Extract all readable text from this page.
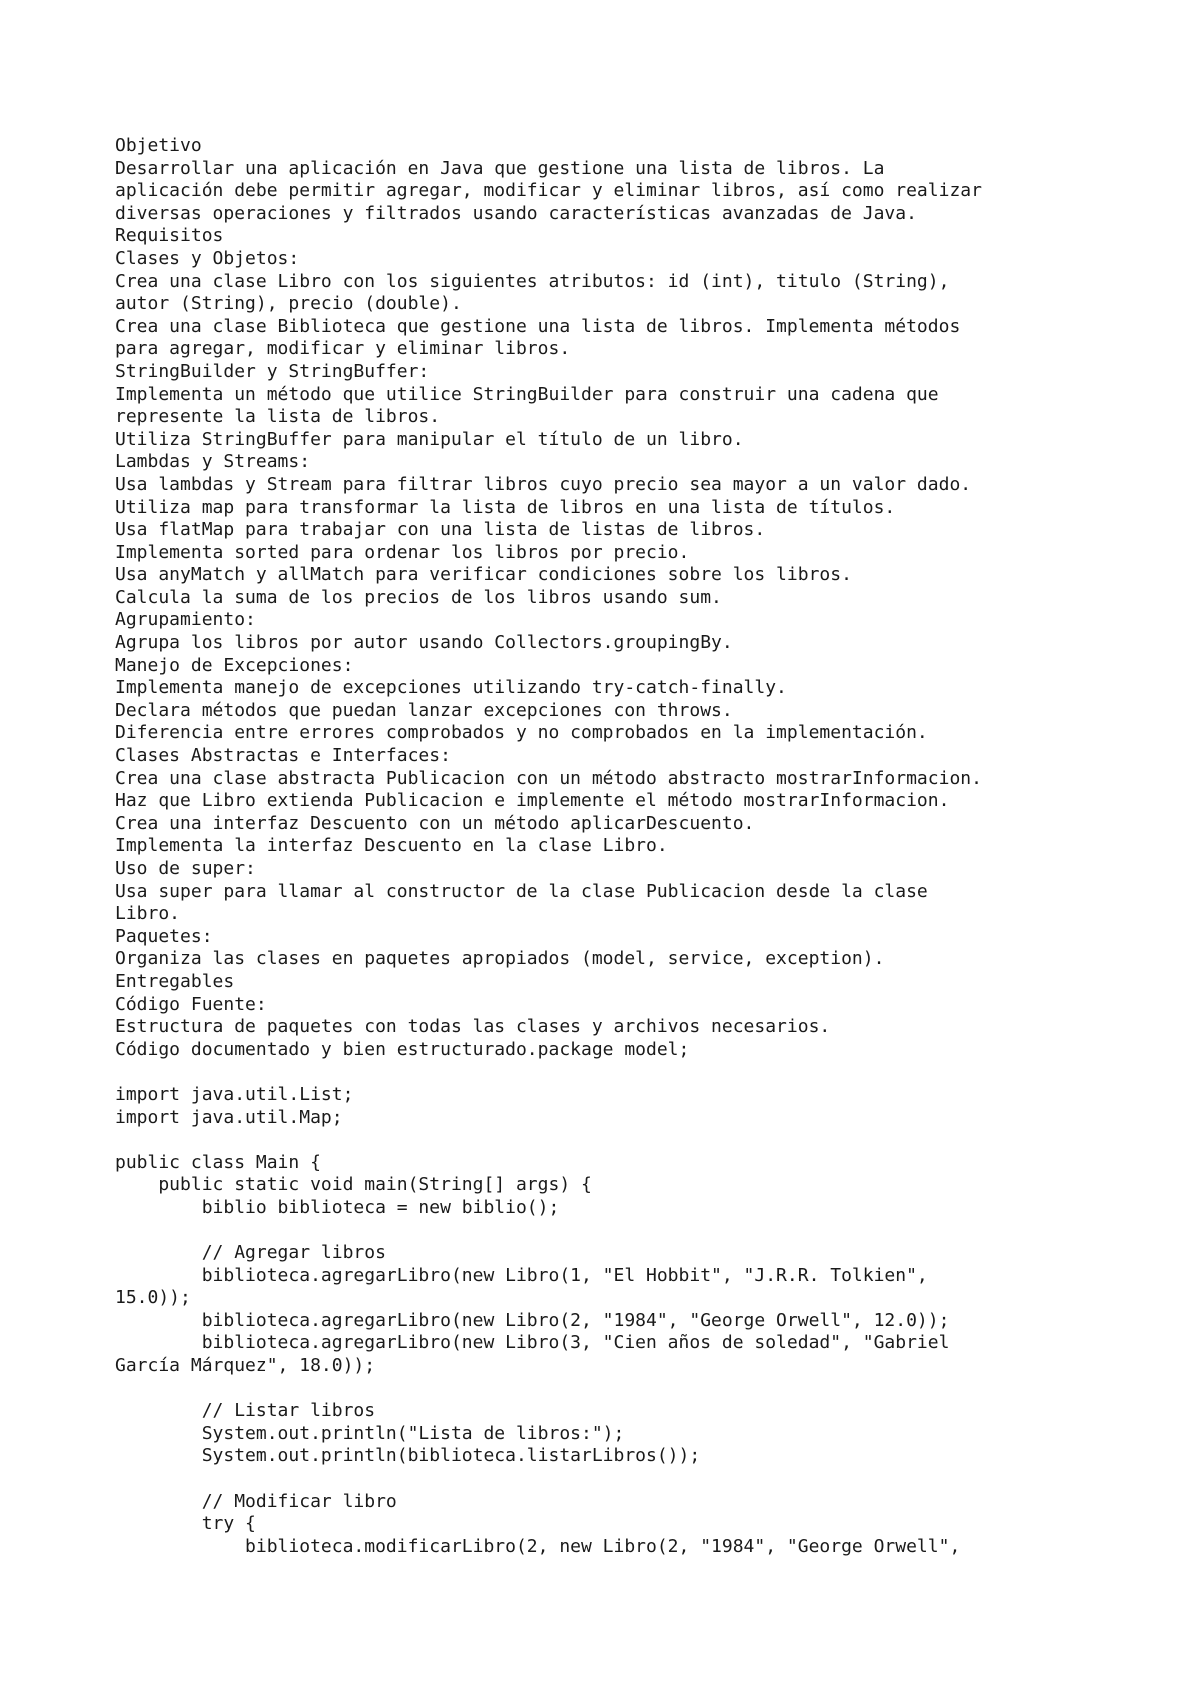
Objetivo
Desarrollar una aplicación en Java que gestione una lista de libros. La
aplicación debe permitir agregar, modificar y eliminar libros, así como realizar
diversas operaciones y filtrados usando características avanzadas de Java.
Requisitos
Clases y Objetos:
Crea una clase Libro con los siguientes atributos: id (int), titulo (String),
autor (String), precio (double).
Crea una clase Biblioteca que gestione una lista de libros. Implementa métodos
para agregar, modificar y eliminar libros.
StringBuilder y StringBuffer:
Implementa un método que utilice StringBuilder para construir una cadena que
represente la lista de libros.
Utiliza StringBuffer para manipular el título de un libro.
Lambdas y Streams:
Usa lambdas y Stream para filtrar libros cuyo precio sea mayor a un valor dado.
Utiliza map para transformar la lista de libros en una lista de títulos.
Usa flatMap para trabajar con una lista de listas de libros.
Implementa sorted para ordenar los libros por precio.
Usa anyMatch y allMatch para verificar condiciones sobre los libros.
Calcula la suma de los precios de los libros usando sum.
Agrupamiento:
Agrupa los libros por autor usando Collectors.groupingBy.
Manejo de Excepciones:
Implementa manejo de excepciones utilizando try-catch-finally.
Declara métodos que puedan lanzar excepciones con throws.
Diferencia entre errores comprobados y no comprobados en la implementación.
Clases Abstractas e Interfaces:
Crea una clase abstracta Publicacion con un método abstracto mostrarInformacion.
Haz que Libro extienda Publicacion e implemente el método mostrarInformacion.
Crea una interfaz Descuento con un método aplicarDescuento.
Implementa la interfaz Descuento en la clase Libro.
Uso de super:
Usa super para llamar al constructor de la clase Publicacion desde la clase
Libro.
Paquetes:
Organiza las clases en paquetes apropiados (model, service, exception).
Entregables
Código Fuente:
Estructura de paquetes con todas las clases y archivos necesarios.
Código documentado y bien estructurado.package model;
import java.util.List;
import java.util.Map;
public class Main {
public static void main(String[] args) {
biblio biblioteca = new biblio();
// Agregar libros
biblioteca.agregarLibro(new Libro(1, "El Hobbit", "J.R.R. Tolkien",
15.0));
biblioteca.agregarLibro(new Libro(2, "1984", "George Orwell", 12.0));
biblioteca.agregarLibro(new Libro(3, "Cien años de soledad", "Gabriel
García Márquez", 18.0));
// Listar libros
System.out.println("Lista de libros:");
System.out.println(biblioteca.listarLibros());
// Modificar libro
try {
biblioteca.modificarLibro(2, new Libro(2, "1984", "George Orwell",
